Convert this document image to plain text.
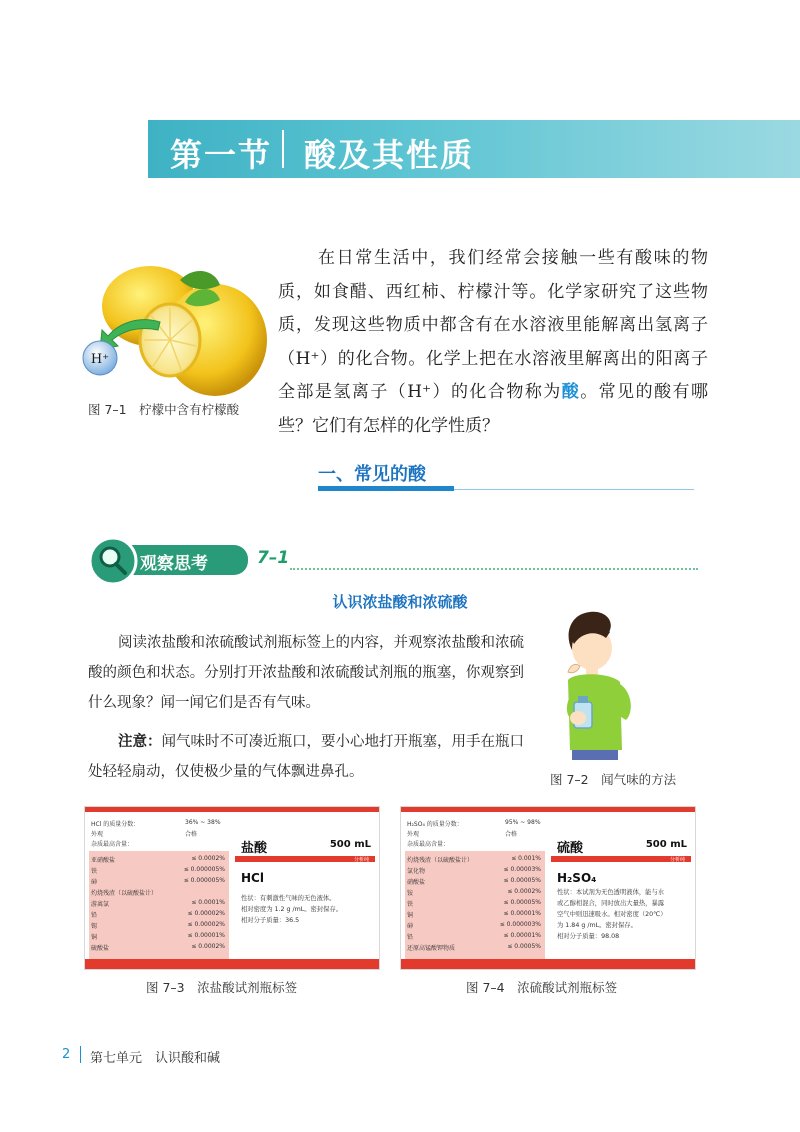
第一节 酸及其性质
H⁺
图 7–1　柠檬中含有柠檬酸
在日常生活中，我们经常会接触一些有酸味的物质，如食醋、西红柿、柠檬汁等。化学家研究了这些物质，发现这些物质中都含有在水溶液里能解离出氢离子（H⁺）的化合物。化学上把在水溶液里解离出的阳离子全部是氢离子（H⁺）的化合物称为酸。常见的酸有哪些？它们有怎样的化学性质？
一、常见的酸
观察思考	7–1
认识浓盐酸和浓硫酸
阅读浓盐酸和浓硫酸试剂瓶标签上的内容，并观察浓盐酸和浓硫酸的颜色和状态。分别打开浓盐酸和浓硫酸试剂瓶的瓶塞，你观察到什么现象？闻一闻它们是否有气味。
注意：闻气味时不可凑近瓶口，要小心地打开瓶塞，用手在瓶口处轻轻扇动，仅使极少量的气体飘进鼻孔。	图 7–2　闻气味的方法
HCl 的质量分数：	36% ~ 38%
外观	合格
杂质最高含量：
亚硝酸盐	≤ 0.0002%
铁	≤ 0.000005%
砷	≤ 0.000005%
灼烧残渣（以硫酸盐计）
游离氯	≤ 0.0001%
铅	≤ 0.00002%
锡	≤ 0.00002%
铜	≤ 0.00001%
硫酸盐	≤ 0.0002%
盐酸	500 mL
分析纯
HCl
性状：有刺激性气味的无色液体。
相对密度为 1.2 g /mL。密封保存。
相对分子质量：36.5
图 7–3　浓盐酸试剂瓶标签
H₂SO₄ 的质量分数：	95% ~ 98%
外观	合格
杂质最高含量：
灼烧残渣（以硫酸盐计）	≤ 0.001%
氯化物	≤ 0.00003%
硝酸盐	≤ 0.00005%
铵	≤ 0.0002%
铁	≤ 0.00005%
铜	≤ 0.00001%
砷	≤ 0.000003%
铅	≤ 0.00001%
还原高锰酸钾物质	≤ 0.0005%
硫酸	500 mL
分析纯
H₂SO₄
性状：本试剂为无色透明液体，能与水
或乙醇相混合，同时放出大量热，暴露
空气中则迅速吸水。相对密度（20℃）
为 1.84 g /mL。密封保存。
相对分子质量：98.08
图 7–4　浓硫酸试剂瓶标签
2 第七单元　认识酸和碱
